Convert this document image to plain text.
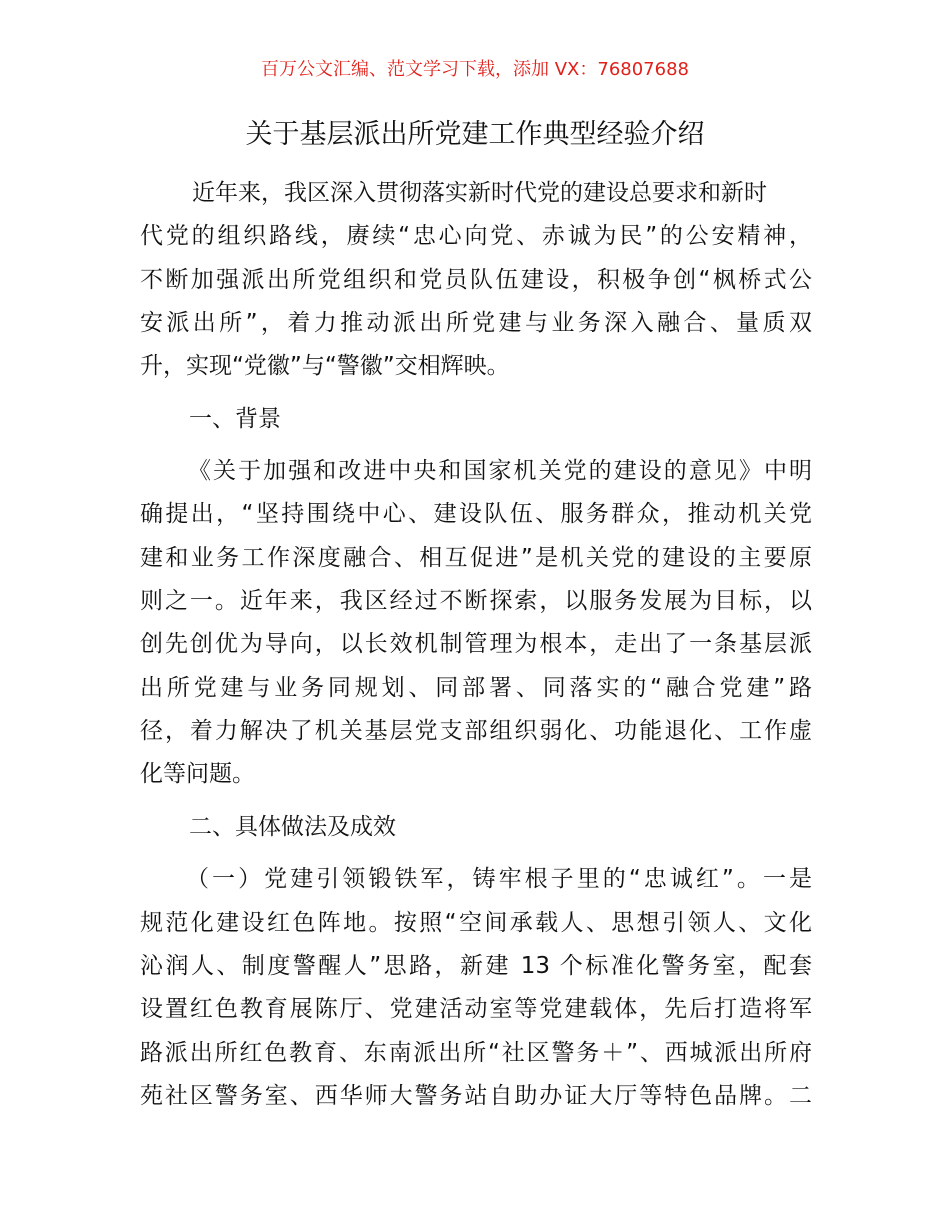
百万公文汇编、范文学习下载，添加 VX：76807688
关于基层派出所党建工作典型经验介绍
近年来，我区深入贯彻落实新时代党的建设总要求和新时
代党的组织路线，赓续“忠心向党、赤诚为民”的公安精神，
不断加强派出所党组织和党员队伍建设，积极争创“枫桥式公
安派出所”，着力推动派出所党建与业务深入融合、量质双
升，实现“党徽”与“警徽”交相辉映。
一、背景
《关于加强和改进中央和国家机关党的建设的意见》中明
确提出，“坚持围绕中心、建设队伍、服务群众，推动机关党
建和业务工作深度融合、相互促进”是机关党的建设的主要原
则之一。近年来，我区经过不断探索，以服务发展为目标，以
创先创优为导向，以长效机制管理为根本，走出了一条基层派
出所党建与业务同规划、同部署、同落实的“融合党建”路
径，着力解决了机关基层党支部组织弱化、功能退化、工作虚
化等问题。
二、具体做法及成效
（一）党建引领锻铁军，铸牢根子里的“忠诚红”。一是
规范化建设红色阵地。按照“空间承载人、思想引领人、文化
沁润人、制度警醒人”思路，新建 13 个标准化警务室，配套
设置红色教育展陈厅、党建活动室等党建载体，先后打造将军
路派出所红色教育、东南派出所“社区警务＋”、西城派出所府
苑社区警务室、西华师大警务站自助办证大厅等特色品牌。二
